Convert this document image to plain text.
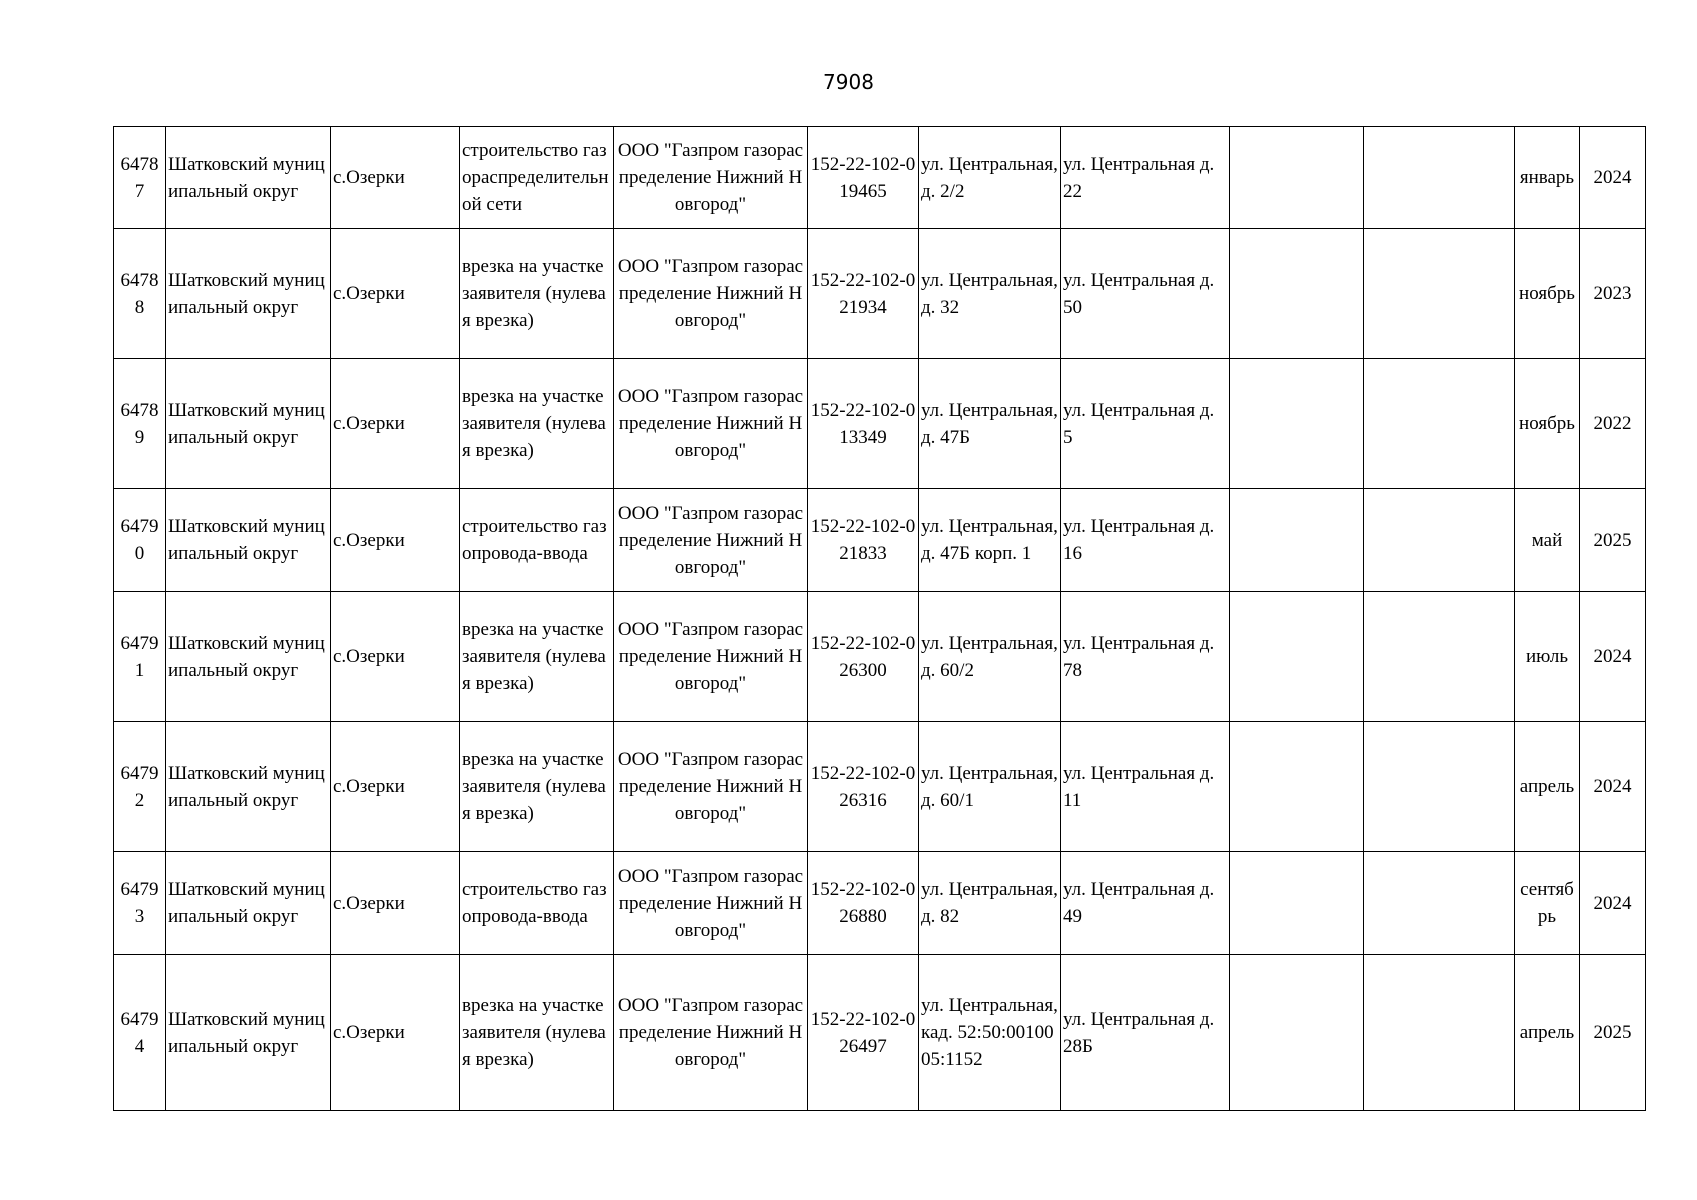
7908
64787	Шатковский муниципальный округ	с.Озерки	строительство газораспределительной сети	ООО "Газпром газораспределение Нижний Новгород"	152-22-102-019465	ул. Центральная, д. 2/2	ул. Центральная д. 22			январь	2024
64788	Шатковский муниципальный округ	с.Озерки	врезка на участке заявителя (нулевая врезка)	ООО "Газпром газораспределение Нижний Новгород"	152-22-102-021934	ул. Центральная, д. 32	ул. Центральная д. 50			ноябрь	2023
64789	Шатковский муниципальный округ	с.Озерки	врезка на участке заявителя (нулевая врезка)	ООО "Газпром газораспределение Нижний Новгород"	152-22-102-013349	ул. Центральная, д. 47Б	ул. Центральная д. 5			ноябрь	2022
64790	Шатковский муниципальный округ	с.Озерки	строительство газопровода-ввода	ООО "Газпром газораспределение Нижний Новгород"	152-22-102-021833	ул. Центральная, д. 47Б корп. 1	ул. Центральная д. 16			май	2025
64791	Шатковский муниципальный округ	с.Озерки	врезка на участке заявителя (нулевая врезка)	ООО "Газпром газораспределение Нижний Новгород"	152-22-102-026300	ул. Центральная, д. 60/2	ул. Центральная д. 78			июль	2024
64792	Шатковский муниципальный округ	с.Озерки	врезка на участке заявителя (нулевая врезка)	ООО "Газпром газораспределение Нижний Новгород"	152-22-102-026316	ул. Центральная, д. 60/1	ул. Центральная д. 11			апрель	2024
64793	Шатковский муниципальный округ	с.Озерки	строительство газопровода-ввода	ООО "Газпром газораспределение Нижний Новгород"	152-22-102-026880	ул. Центральная, д. 82	ул. Центральная д. 49			сентябрь	2024
64794	Шатковский муниципальный округ	с.Озерки	врезка на участке заявителя (нулевая врезка)	ООО "Газпром газораспределение Нижний Новгород"	152-22-102-026497	ул. Центральная, кад. 52:50:0010005:1152	ул. Центральная д. 28Б			апрель	2025
